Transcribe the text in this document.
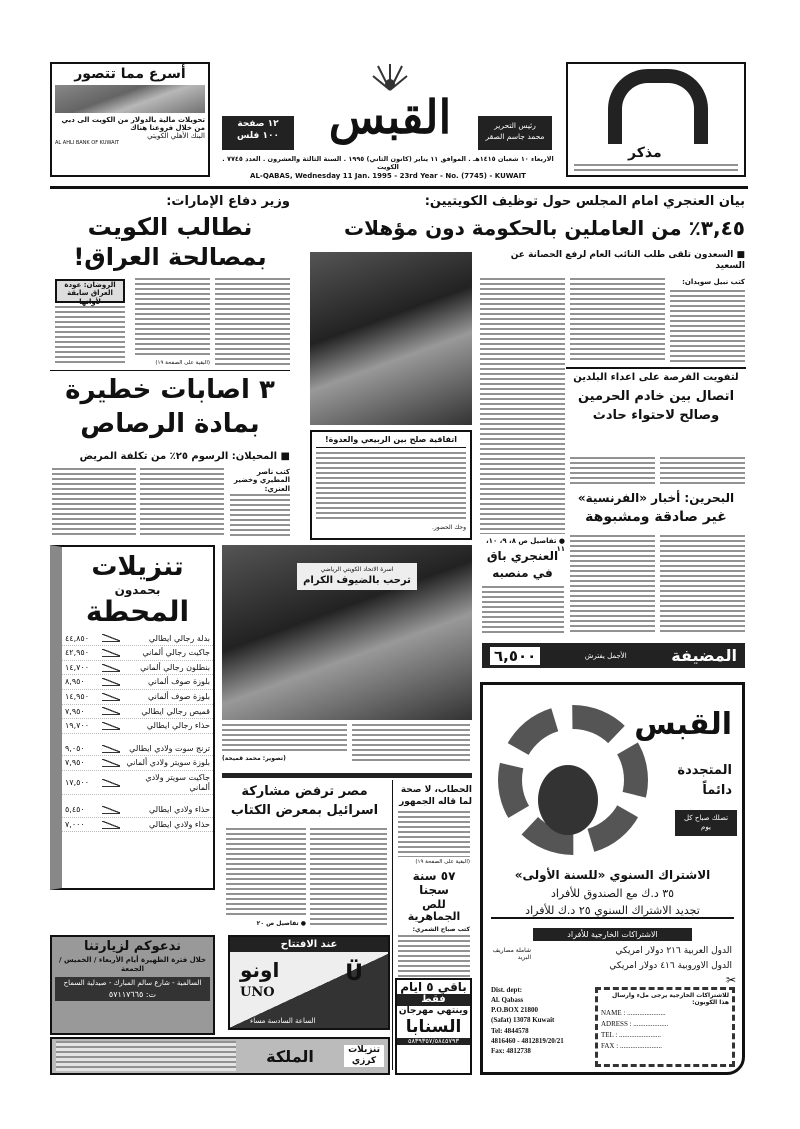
أسرع مما تتصور
تحويلات مالية بالدولار من الكويت الى دبي من خلال فروعنا هناك
البنك الأهلي الكويتي
AL AHLI BANK OF KUWAIT
١٢ صفحة
١٠٠ فلس	القبس	رئيس التحرير
محمد جاسم الصقر
مذكر
الاربعاء ١٠ شعبان ١٤١٥هـ . الموافق ١١ يناير (كانون الثاني) ١٩٩٥ . السنة الثالثة والعشرون . العدد ٧٧٤٥ . الكويت
AL-QABAS, Wednesday 11 Jan. 1995 - 23rd Year - No. (7745) - KUWAIT
بيان العنجري امام المجلس حول توظيف الكويتيين:
٣,٤٥٪ من العاملين بالحكومة دون مؤهلات
■ السعدون تلقى طلب النائب العام لرفع الحصانة عن السعيد
كتب نبيل سويدان:
● تفاصيل ص ٨، ٩، ١٠، ١١
وزير دفاع الإمارات:
نطالب الكويت
بمصالحة العراق!
(البقية على الصفحة ١٩)
الروضان: عودة العراق سابقة لأوانها
٣ اصابات خطيرة
بمادة الرصاص
■ المحيلان: الرسوم ٢٥٪ من تكلفة المريض
كتب ناصر المطيري وخضير العنزي:
اتفاقية صلح بين الربيعي والعدوة!
وحك الحضور.
لتفويت الفرصة على اعداء البلدين
اتصال بين خادم الحرمين
وصالح لاحتواء حادث
البحرين: أخبار «الفرنسية»
غير صادقة ومشبوهة
العنجري باق
في منصبه
المضيفة
الأجمل يفترش
٦,٥٠٠
تنزيلات
بحمدون
المحطة
بدلة رجالي ايطالي
٤٤,٨٥٠
جاكيت رجالي ألماني
٤٢,٩٥٠
بنطلون رجالي ألماني
١٤,٧٠٠
بلوزة صوف ألماني
٨,٩٥٠
بلوزة صوف ألماني
١٤,٩٥٠
قميص رجالي ايطالي
٧,٩٥٠
حذاء رجالي ايطالي
١٩,٧٠٠
ترنج سوت ولادي ايطالي
٩,٠٥٠
بلوزة سويتر ولادي ألماني
٧,٩٥٠
جاكيت سويتر ولادي ألماني
١٧,٥٠٠
حذاء ولادي ايطالي
٥,٤٥٠
حذاء ولادي ايطالي
٧,٠٠٠
اسرة الاتحاد الكويتي الرياضي
ترحب بالضيوف الكرام
(تصوير: محمد قميحة)
مصر ترفض مشاركة
اسرائيل بمعرض الكتاب
● تفاصيل ص ٢٠
الحطاب، لا صحة
لما قاله الجمهور
(البقية على الصفحة ١٩)
٥٧ سنة سجنا
للص الجماهرية
كتب صباح الشمري:
ندعوكم لزيارتنا
خلال فترة الظهيرة أيام الأربعاء / الخميس / الجمعة
السالمية - شارع سالم المبارك - صيدلية السماح
ت: ٥٧١١٧٦٦٥
عند الافتتاح
اونو
UNO
Ü
الساعة السادسة مساء
باقي ٥ ايام
فقط
وينتهي مهرجان
السنابا
٥٨٣٩٣٥٧/٥٨٤٥٧٩٣
تنزيلات
كرزي
الملكة
القبس
المتجددة
دائماً
تصلك صباح كل يوم
الاشتراك السنوي «للسنة الأولى»
٣٥ د.ك مع الصندوق للأفراد
تجديد الاشتراك السنوي ٢٥ د.ك للأفراد
الاشتراكات الخارجية للأفراد
الدول العربية ٢١٦ دولار امريكي
الدول الاوروبية ٤١٦ دولار امريكي
شاملة مصاريف البريد
Dist. dept:
Al. Qabass
P.O.BOX 21800
(Safat) 13078 Kuwait
Tel: 4844578
4816460 - 4812819/20/21
Fax: 4812738
✂
للاشتراكات الخارجية يرجى ملء وارسال هذا الكوبون:
NAME : ......................
ADRESS : ....................
TEL : ........................
FAX : ........................
